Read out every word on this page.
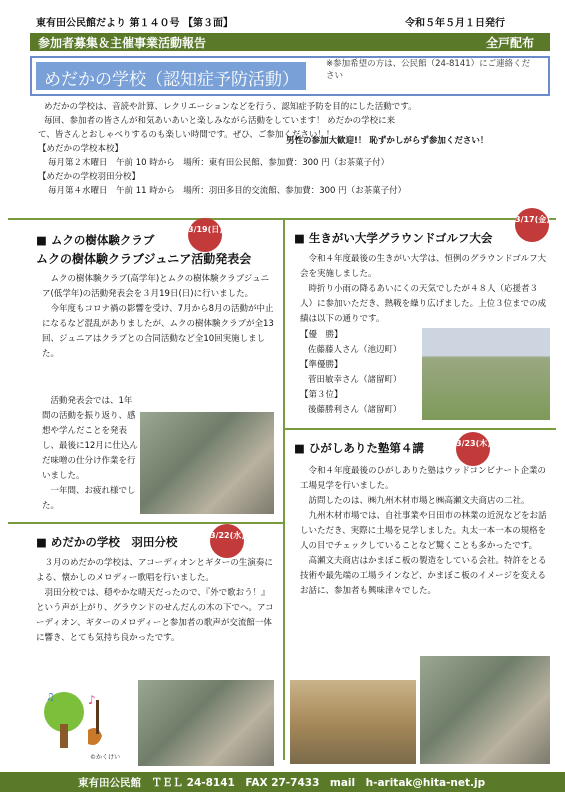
東有田公民館だより 第１４０号 【第３面】	令和５年５月１日発行
参加者募集＆主催事業活動報告	全戸配布
めだかの学校（認知症予防活動）
※参加希望の方は、公民館（24-8141）にご連絡ください

めだかの学校は、音読や計算、レクリエーションなどを行う、認知症予防を目的にした活動です。

毎回、参加者の皆さんが和気あいあいと楽しみながら活動をしています！ めだかの学校に来て、皆さんとおしゃべりするのも楽しい時間です。ぜひ、ご参加ください！！

【めだかの学校本校】

毎月第２木曜日　午前 10 時から　場所：東有田公民館、参加費：300 円（お茶菓子付）

【めだかの学校羽田分校】

毎月第４水曜日　午前 11 時から　場所：羽田多目的交流館、参加費：300 円（お茶菓子付）

男性の参加大歓迎!！ 恥ずかしがらず参加ください！
■ ムクの樹体験クラブ
ムクの樹体験クラブジュニア活動発表会
3/19(日)

ムクの樹体験クラブ(高学年)とムクの樹体験クラブジュニア(低学年)の活動発表会を３月19日(日)に行いました。

今年度もコロナ禍の影響を受け、7月から8月の活動が中止になるなど混乱がありましたが、ムクの樹体験クラブが全13回、ジュニアはクラブとの合同活動など全10回実施しました。

活動発表会では、1年間の活動を振り返り、感想や学んだことを発表し、最後に12月に仕込んだ味噌の仕分け作業を行いました。

一年間、お疲れ様でした。

■ めだかの学校　羽田分校	3/22(水)

３月のめだかの学校は、アコーディオンとギターの生演奏による、懐かしのメロディー歌唱を行いました。

羽田分校では、穏やかな晴天だったので、『外で歌おう！』という声が上がり、グラウンドのせんだんの木の下でへ。アコーディオン、ギターのメロディーと参加者の歌声が交流館一体に響き、とても気持ち良かったです。

♪
♫
©かくけい
■ 生きがい大学グラウンドゴルフ大会
3/17(金)

令和４年度最後の生きがい大学は、恒例のグラウンドゴルフ大会を実施しました。

時折り小雨の降るあいにくの天気でしたが４８人（応援者３人）に参加いただき、熱戦を繰り広げました。上位３位までの成績は以下の通りです。

【優　勝】

佐藤藤人さん（池辺町）

【準優勝】

菅田敏幸さん（諸留町）

【第３位】

後藤勝利さん（諸留町）

■ ひがしありた塾第４講	3/23(木)

令和４年度最後のひがしありた塾はウッドコンビナート企業の工場見学を行いました。

訪問したのは、㈱九州木材市場と㈱高瀬文夫商店の二社。

九州木材市場では、自社事業や日田市の林業の近況などをお話しいただき、実際に土場を見学しました。丸太一本一本の規格を人の目でチェックしていることなど驚くことも多かったです。

高瀬文夫商店はかまぼこ板の製造をしている会社。特許をとる技術や最先端の工場ラインなど、かまぼこ板のイメージを変えるお話に、参加者も興味津々でした。

東有田公民館　ＴＥＬ 24-8141　FAX 27-7433　mail　h-aritak@hita-net.jp
